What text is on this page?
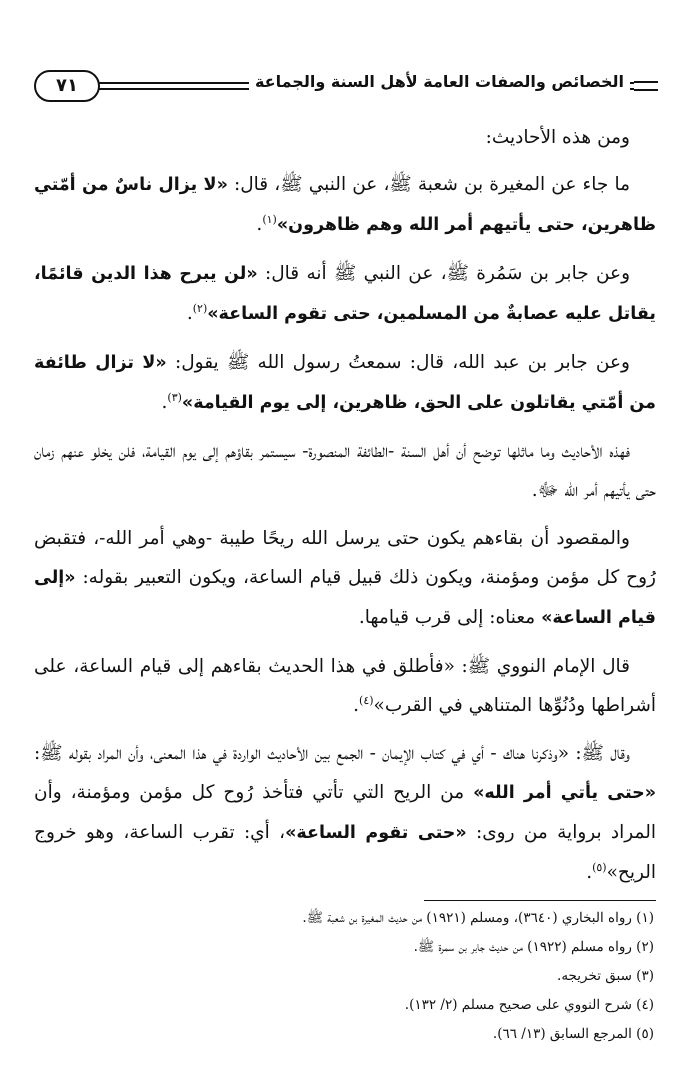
الخصائص والصفات العامة لأهل السنة والجماعة
٧١

ومن هذه الأحاديث:

ما جاء عن المغيرة بن شعبة ﷺ، عن النبي ﷺ، قال: «لا يزال ناسٌ من أمّتي ظاهرين، حتى يأتيهم أمر الله وهم ظاهرون»$^{(١)}$.

وعن جابر بن سَمُرة ﷺ، عن النبي ﷺ أنه قال: «لن يبرح هذا الدين قائمًا، يقاتل عليه عصابةٌ من المسلمين، حتى تقوم الساعة»$^{(٢)}$.

وعن جابر بن عبد الله، قال: سمعتُ رسول الله ﷺ يقول: «لا تزال طائفة من أمّتي يقاتلون على الحق، ظاهرين، إلى يوم القيامة»$^{(٣)}$.

فهذه الأحاديث وما ماثلها توضح أن أهل السنة -الطائفة المنصورة- سيستمر بقاؤهم إلى يوم القيامة، فلن يخلو عنهم زمان حتى يأتيهم أمر الله ﷻ.

والمقصود أن بقاءهم يكون حتى يرسل الله ريحًا طيبة -وهي أمر الله-، فتقبض رُوح كل مؤمن ومؤمنة، ويكون ذلك قبيل قيام الساعة، ويكون التعبير بقوله: «إلى قيام الساعة» معناه: إلى قرب قيامها.

قال الإمام النووي ﷺ: «فأطلق في هذا الحديث بقاءهم إلى قيام الساعة، على أشراطها ودُنُوِّها المتناهي في القرب»$^{(٤)}$.

وقال ﷺ: «وذكرنا هناك - أي في كتاب الإيمان - الجمع بين الأحاديث الواردة في هذا المعنى، وأن المراد بقوله ﷺ: «حتى يأتي أمر الله» من الريح التي تأتي فتأخذ رُوح كل مؤمن ومؤمنة، وأن المراد برواية من روى: «حتى تقوم الساعة»، أي: تقرب الساعة، وهو خروج الريح»$^{(٥)}$.

(١) رواه البخاري (٣٦٤٠)، ومسلم (١٩٢١) من حديث المغيرة بن شعبة ﷺ.
(٢) رواه مسلم (١٩٢٢) من حديث جابر بن سمرة ﷺ.
(٣) سبق تخريجه.
(٤) شرح النووي على صحيح مسلم (٢/ ١٣٢).
(٥) المرجع السابق (١٣/ ٦٦).
